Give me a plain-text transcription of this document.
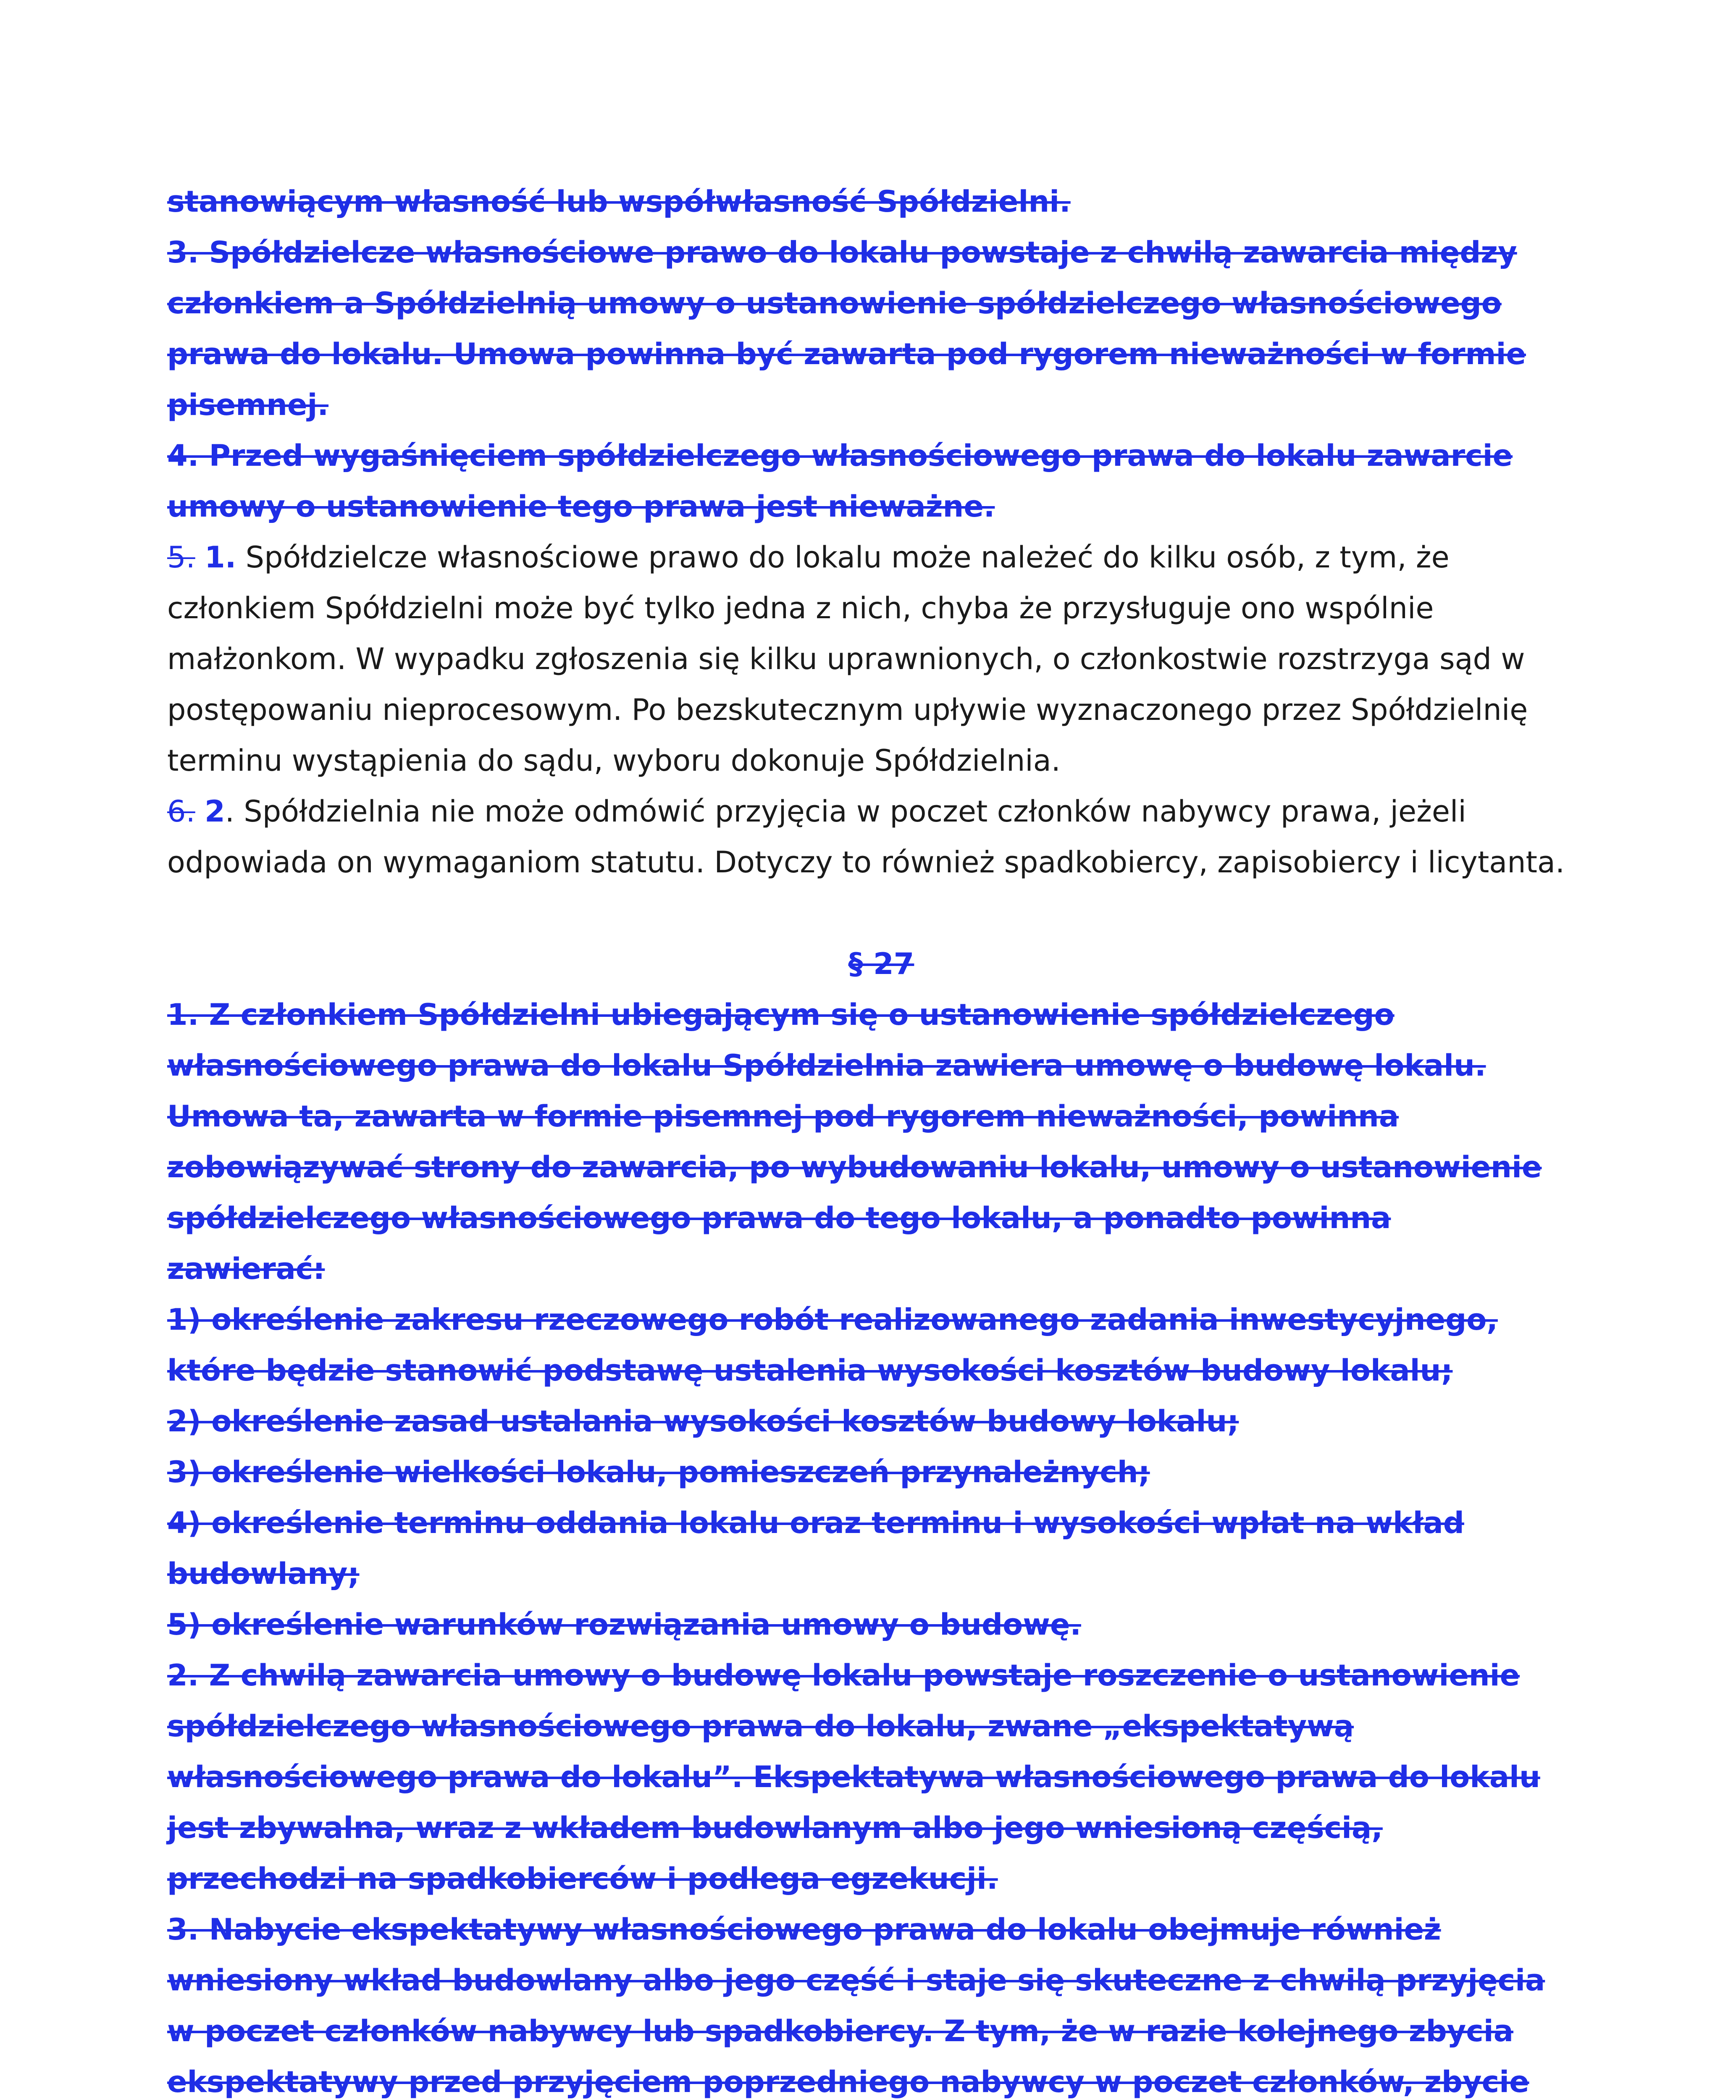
stanowiącym własność lub współwłasność Spółdzielni.
3. Spółdzielcze własnościowe prawo do lokalu powstaje z chwilą zawarcia między
członkiem a Spółdzielnią umowy o ustanowienie spółdzielczego własnościowego
prawa do lokalu. Umowa powinna być zawarta pod rygorem nieważności w formie
pisemnej.
4. Przed wygaśnięciem spółdzielczego własnościowego prawa do lokalu zawarcie
umowy o ustanowienie tego prawa jest nieważne.
5. 1. Spółdzielcze własnościowe prawo do lokalu może należeć do kilku osób, z tym, że
członkiem Spółdzielni może być tylko jedna z nich, chyba że przysługuje ono wspólnie
małżonkom. W wypadku zgłoszenia się kilku uprawnionych, o członkostwie rozstrzyga sąd w
postępowaniu nieprocesowym. Po bezskutecznym upływie wyznaczonego przez Spółdzielnię
terminu wystąpienia do sądu, wyboru dokonuje Spółdzielnia.
6. 2. Spółdzielnia nie może odmówić przyjęcia w poczet członków nabywcy prawa, jeżeli
odpowiada on wymaganiom statutu. Dotyczy to również spadkobiercy, zapisobiercy i licytanta.
§ 27
1. Z członkiem Spółdzielni ubiegającym się o ustanowienie spółdzielczego
własnościowego prawa do lokalu Spółdzielnia zawiera umowę o budowę lokalu.
Umowa ta, zawarta w formie pisemnej pod rygorem nieważności, powinna
zobowiązywać strony do zawarcia, po wybudowaniu lokalu, umowy o ustanowienie
spółdzielczego własnościowego prawa do tego lokalu, a ponadto powinna
zawierać:
1) określenie zakresu rzeczowego robót realizowanego zadania inwestycyjnego,
które będzie stanowić podstawę ustalenia wysokości kosztów budowy lokalu;
2) określenie zasad ustalania wysokości kosztów budowy lokalu;
3) określenie wielkości lokalu, pomieszczeń przynależnych;
4) określenie terminu oddania lokalu oraz terminu i wysokości wpłat na wkład
budowlany;
5) określenie warunków rozwiązania umowy o budowę.
2. Z chwilą zawarcia umowy o budowę lokalu powstaje roszczenie o ustanowienie
spółdzielczego własnościowego prawa do lokalu, zwane „ekspektatywą
własnościowego prawa do lokalu”. Ekspektatywa własnościowego prawa do lokalu
jest zbywalna, wraz z wkładem budowlanym albo jego wniesioną częścią,
przechodzi na spadkobierców i podlega egzekucji.
3. Nabycie ekspektatywy własnościowego prawa do lokalu obejmuje również
wniesiony wkład budowlany albo jego część i staje się skuteczne z chwilą przyjęcia
w poczet członków nabywcy lub spadkobiercy. Z tym, że w razie kolejnego zbycia
ekspektatywy przed przyjęciem poprzedniego nabywcy w poczet członków, zbycie
